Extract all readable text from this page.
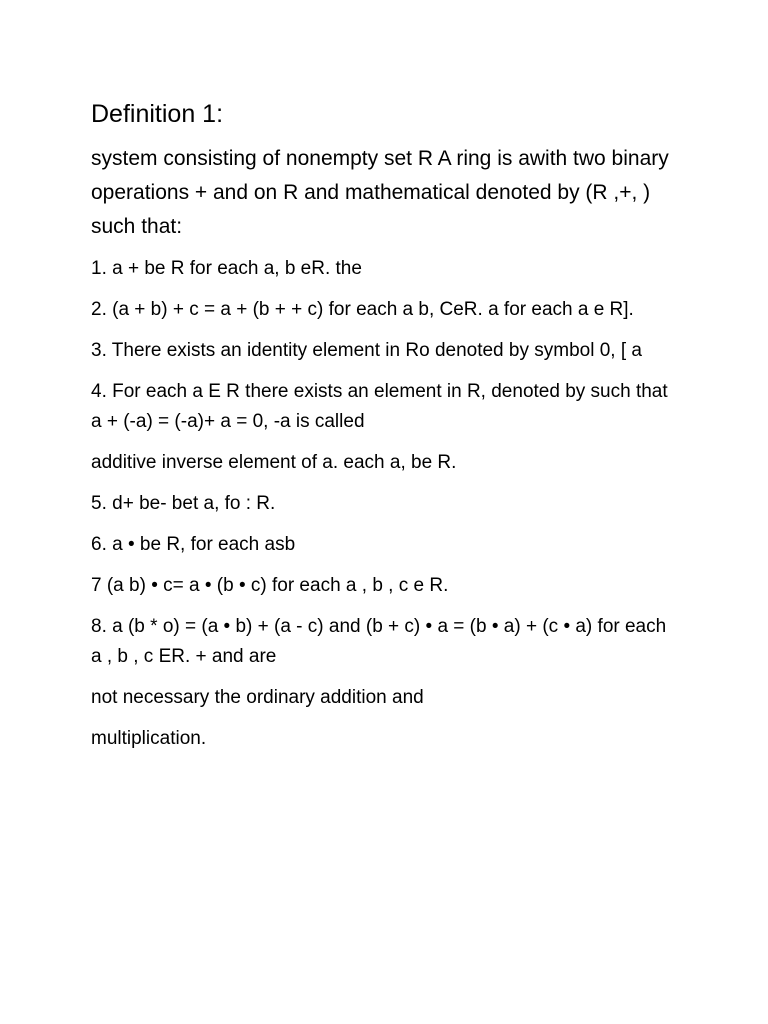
Definition 1:
system consisting of nonempty set R A ring is awith two binary operations + and on R and mathematical denoted by (R ,+, ) such that:
1. a + be R for each a, b eR. the
2. (a + b) + c = a + (b + + c) for each a b, CeR. a for each a e R].
3. There exists an identity element in Ro denoted by symbol 0, [ a
4. For each a E R there exists an element in R, denoted by such that a + (-a) = (-a)+ a = 0, -a is called
additive inverse element of a. each a, be R.
5. d+ be- bet a, fo : R.
6. a • be R, for each asb
7 (a b) • c= a • (b • c) for each a , b , c e R.
8. a (b * o) = (a • b) + (a - c) and (b + c) • a = (b • a) + (c • a) for each a , b , c ER. + and are
not necessary the ordinary addition and
multiplication.
